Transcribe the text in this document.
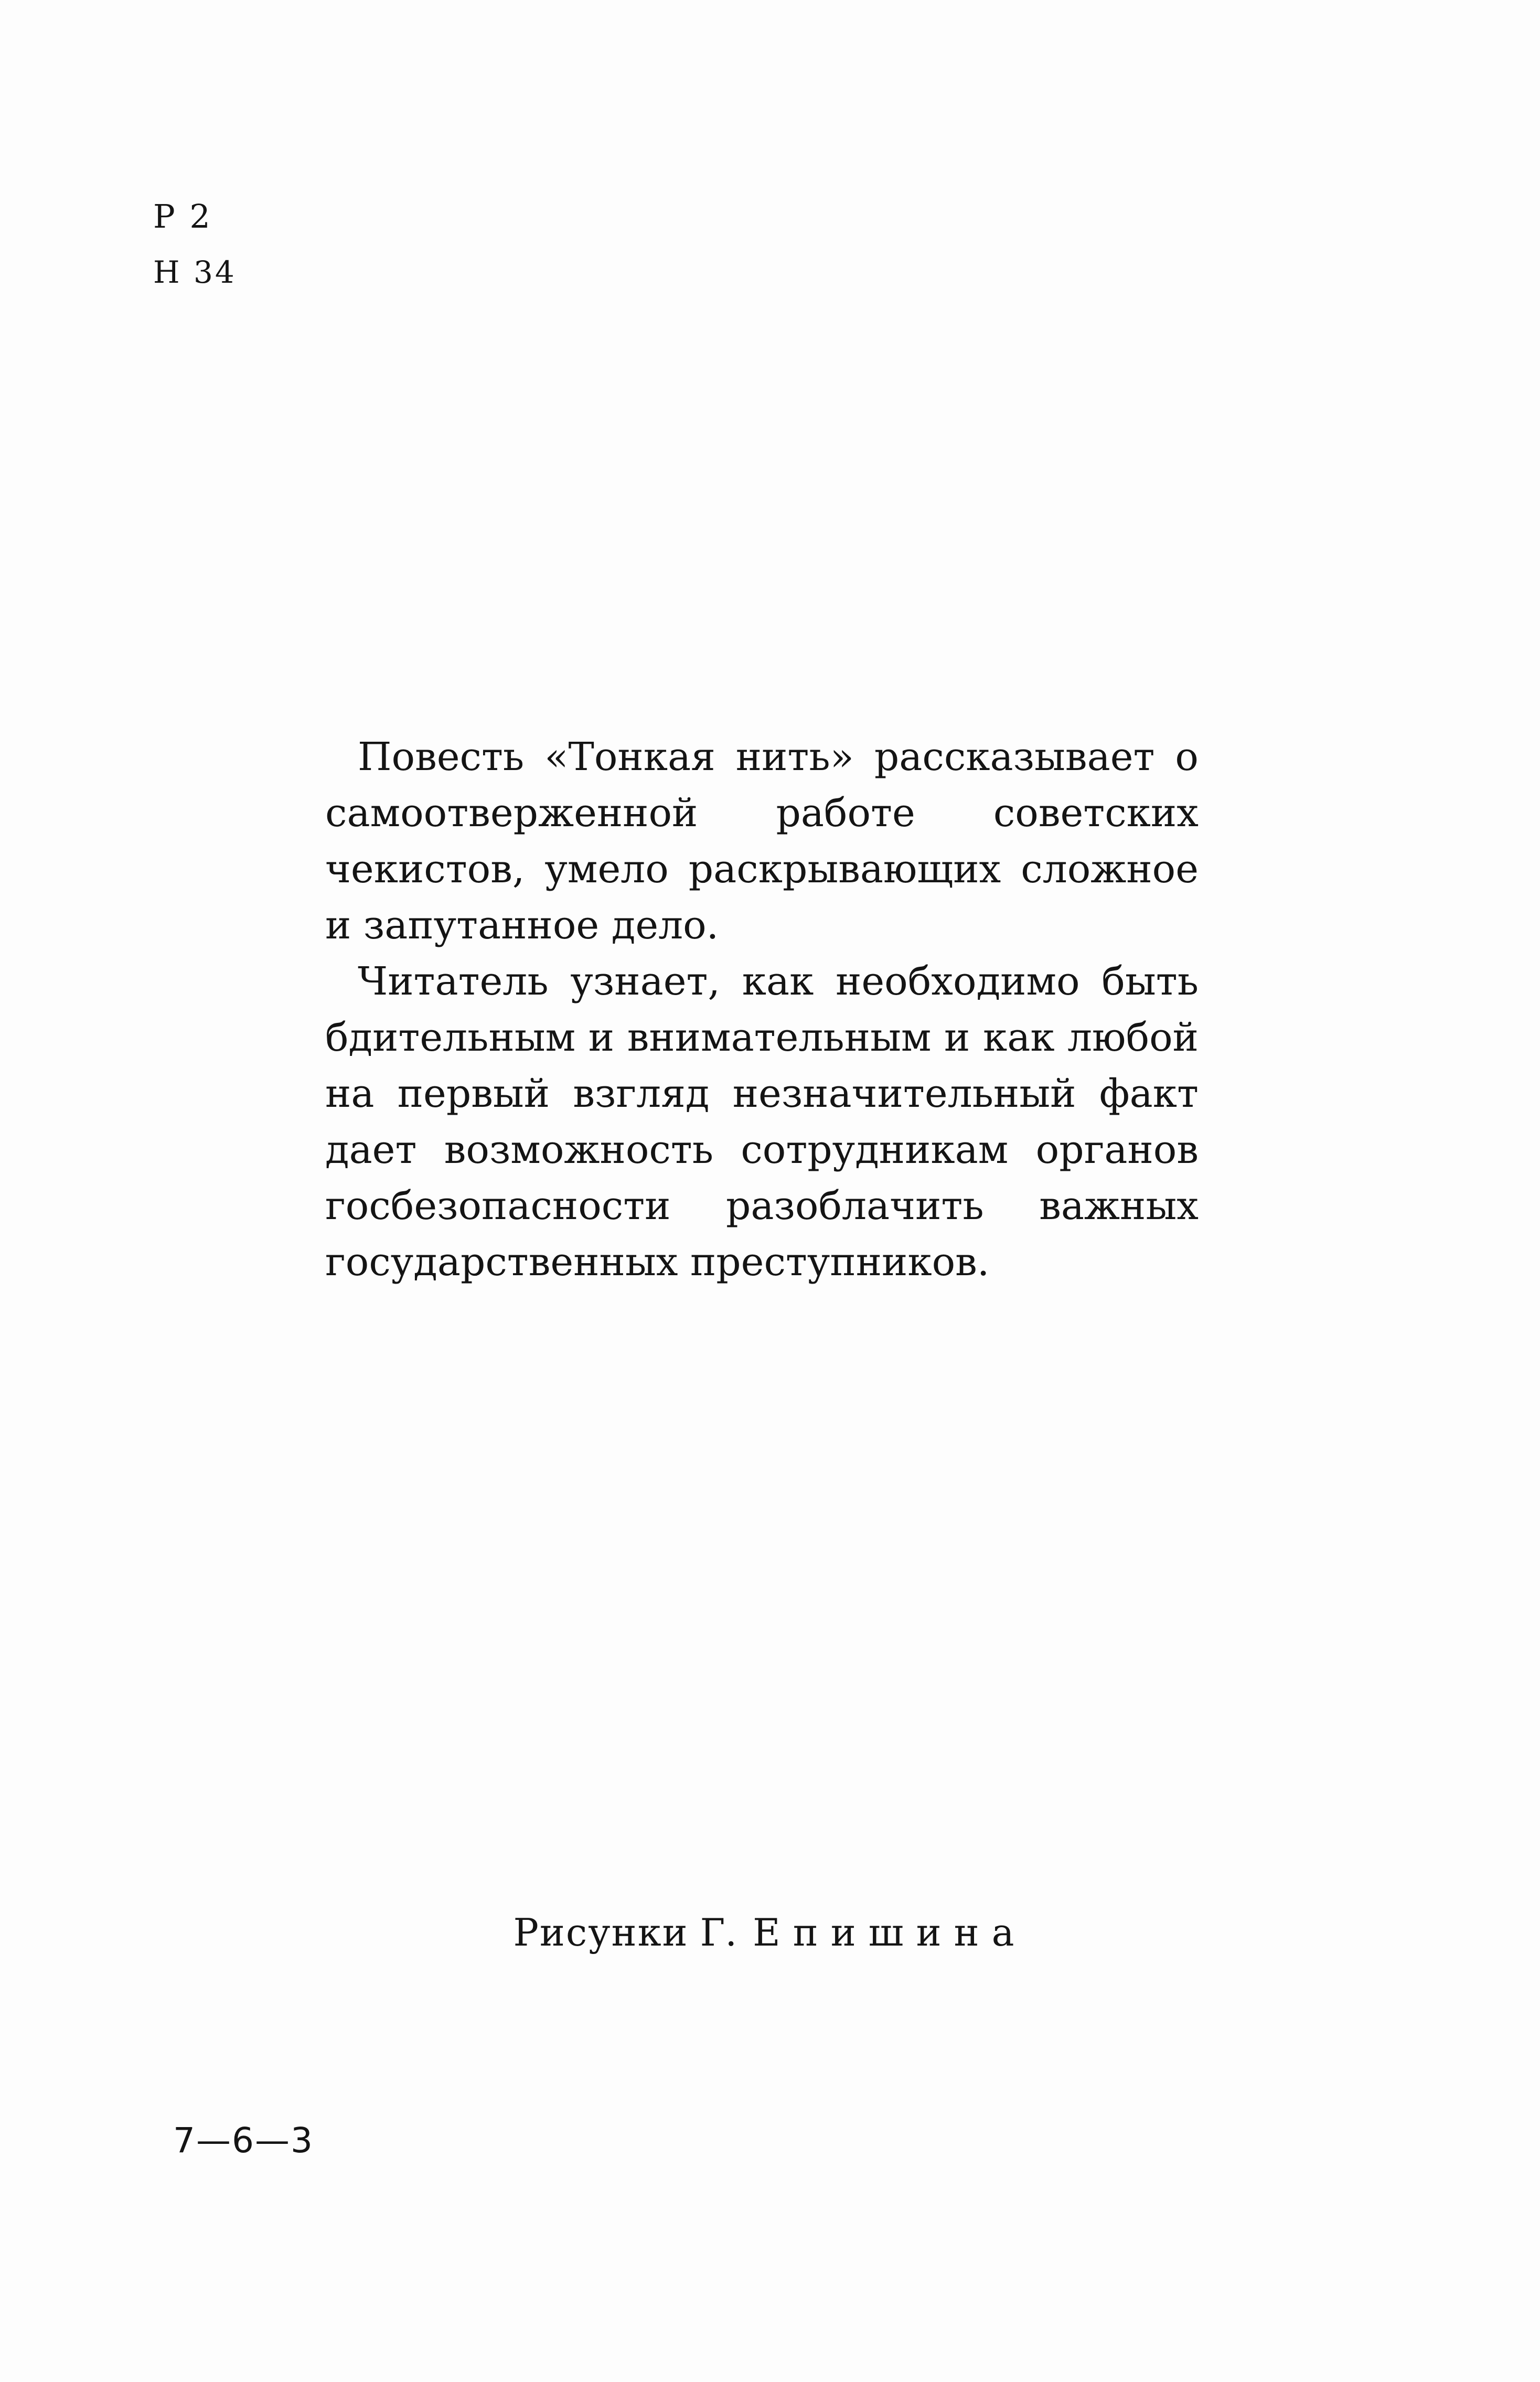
Р 2
Н 34

Повесть «Тонкая нить» рассказывает о самоотверженной работе советских чекистов, умело раскрывающих сложное и запутанное дело.

Читатель узнает, как необходимо быть бдительным и внимательным и как любой на первый взгляд незначительный факт дает возможность сотрудникам органов госбезопасности разоблачить важных государственных преступников.

Рисунки Г. Епишина
7—6—3
